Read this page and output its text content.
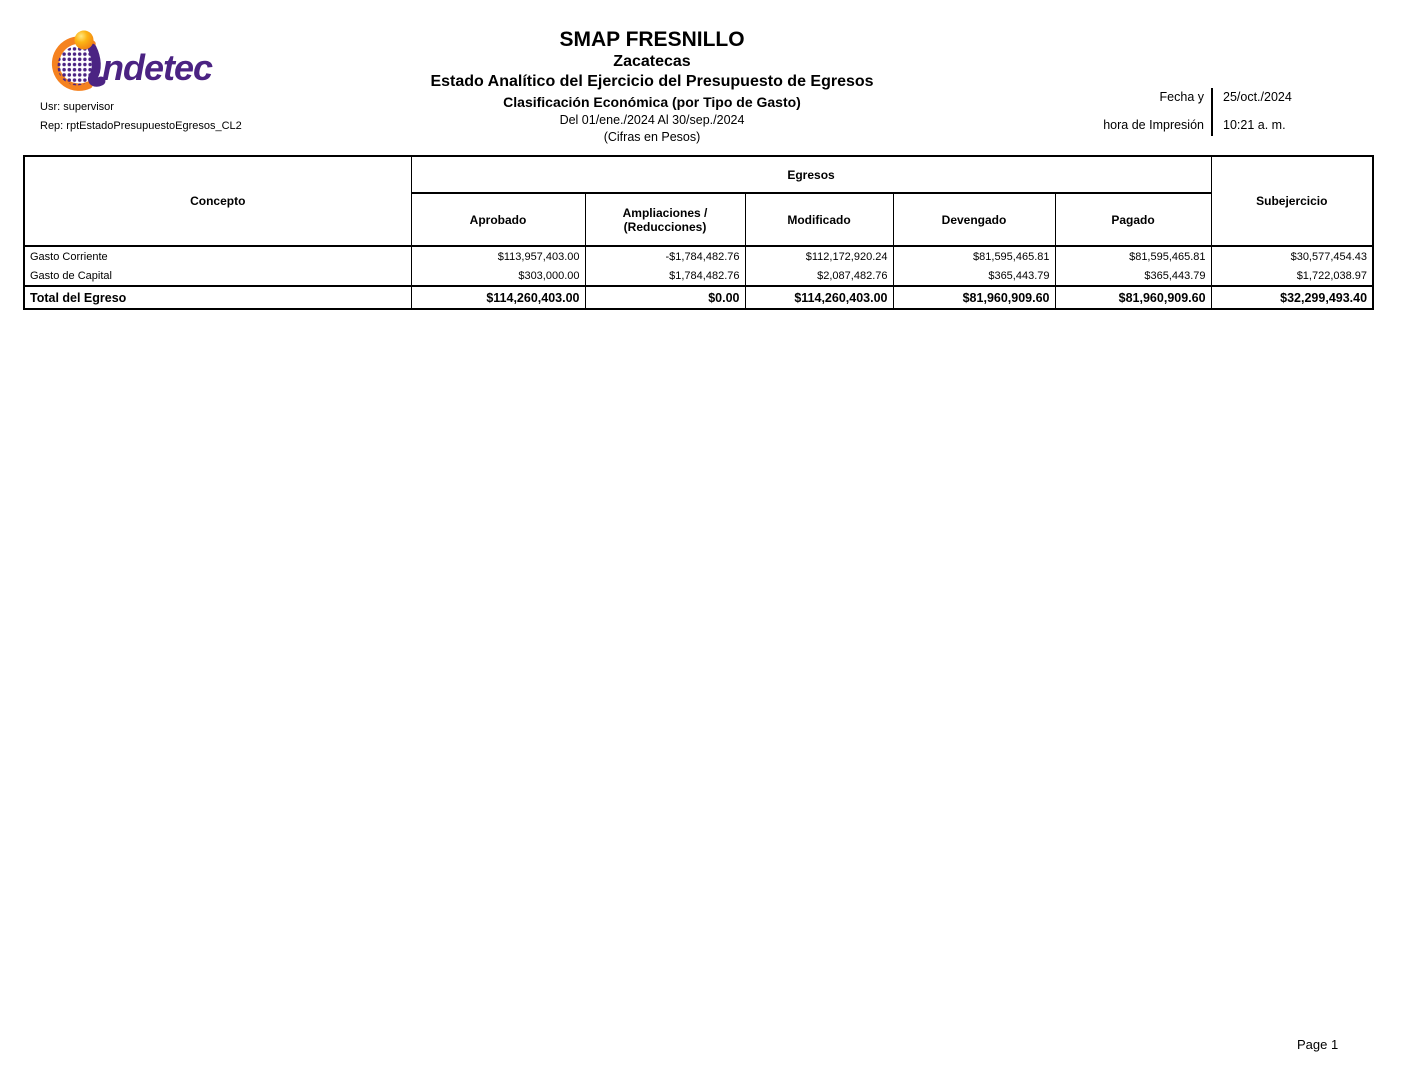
ndetec
Usr: supervisor
Rep: rptEstadoPresupuestoEgresos_CL2
SMAP FRESNILLO
Zacatecas
Estado Analítico del Ejercicio del Presupuesto de Egresos
Clasificación Económica (por Tipo de Gasto)
Del 01/ene./2024 Al 30/sep./2024
(Cifras en Pesos)
Fecha y
hora de Impresión
25/oct./2024
10:21 a. m.
Concepto	Egresos					Subejercicio
	Aprobado	Ampliaciones /
(Reducciones)	Modificado	Devengado	Pagado	
Gasto Corriente	$113,957,403.00	-$1,784,482.76	$112,172,920.24	$81,595,465.81	$81,595,465.81	$30,577,454.43
Gasto de Capital	$303,000.00	$1,784,482.76	$2,087,482.76	$365,443.79	$365,443.79	$1,722,038.97
Total del Egreso	$114,260,403.00	$0.00	$114,260,403.00	$81,960,909.60	$81,960,909.60	$32,299,493.40
Page 1
